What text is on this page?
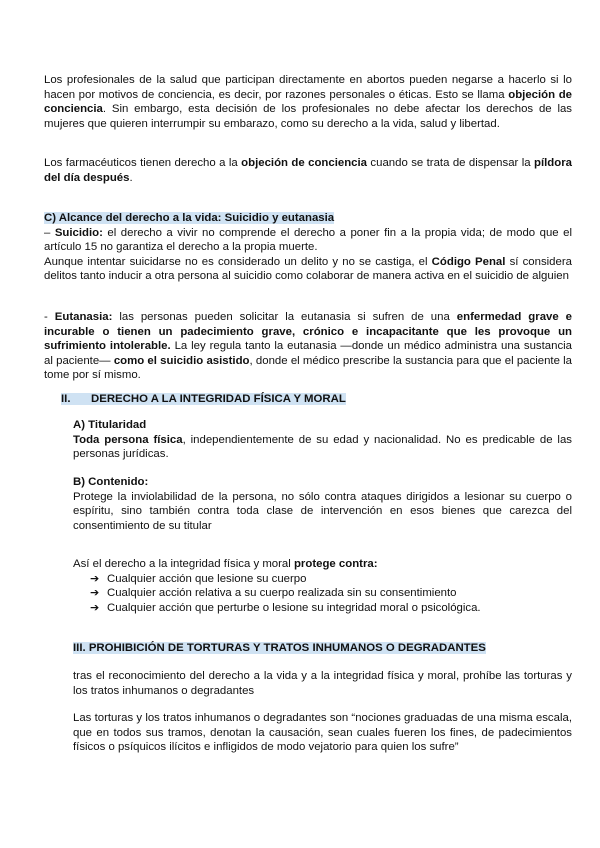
Los profesionales de la salud que participan directamente en abortos pueden negarse a hacerlo si lo hacen por motivos de conciencia, es decir, por razones personales o éticas. Esto se llama objeción de conciencia. Sin embargo, esta decisión de los profesionales no debe afectar los derechos de las mujeres que quieren interrumpir su embarazo, como su derecho a la vida, salud y libertad.

Los farmacéuticos tienen derecho a la objeción de conciencia cuando se trata de dispensar la píldora del día después.

C) Alcance del derecho a la vida: Suicidio y eutanasia

– Suicidio: el derecho a vivir no comprende el derecho a poner fin a la propia vida; de modo que el artículo 15 no garantiza el derecho a la propia muerte.

Aunque intentar suicidarse no es considerado un delito y no se castiga, el Código Penal sí considera delitos tanto inducir a otra persona al suicidio como colaborar de manera activa en el suicidio de alguien

- Eutanasia: las personas pueden solicitar la eutanasia si sufren de una enfermedad grave e incurable o tienen un padecimiento grave, crónico e incapacitante que les provoque un sufrimiento intolerable. La ley regula tanto la eutanasia —donde un médico administra una sustancia al paciente— como el suicidio asistido, donde el médico prescribe la sustancia para que el paciente la tome por sí mismo.

II. DERECHO A LA INTEGRIDAD FÍSICA Y MORAL

A) Titularidad

Toda persona física, independientemente de su edad y nacionalidad. No es predicable de las personas jurídicas.

B) Contenido:

Protege la inviolabilidad de la persona, no sólo contra ataques dirigidos a lesionar su cuerpo o espíritu, sino también contra toda clase de intervención en esos bienes que carezca del consentimiento de su titular

Así el derecho a la integridad física y moral protege contra:

➔ Cualquier acción que lesione su cuerpo
➔ Cualquier acción relativa a su cuerpo realizada sin su consentimiento
➔ Cualquier acción que perturbe o lesione su integridad moral o psicológica.

III. PROHIBICIÓN DE TORTURAS Y TRATOS INHUMANOS O DEGRADANTES

tras el reconocimiento del derecho a la vida y a la integridad física y moral, prohíbe las torturas y los tratos inhumanos o degradantes

Las torturas y los tratos inhumanos o degradantes son “nociones graduadas de una misma escala, que en todos sus tramos, denotan la causación, sean cuales fueren los fines, de padecimientos físicos o psíquicos ilícitos e infligidos de modo vejatorio para quien los sufre”
